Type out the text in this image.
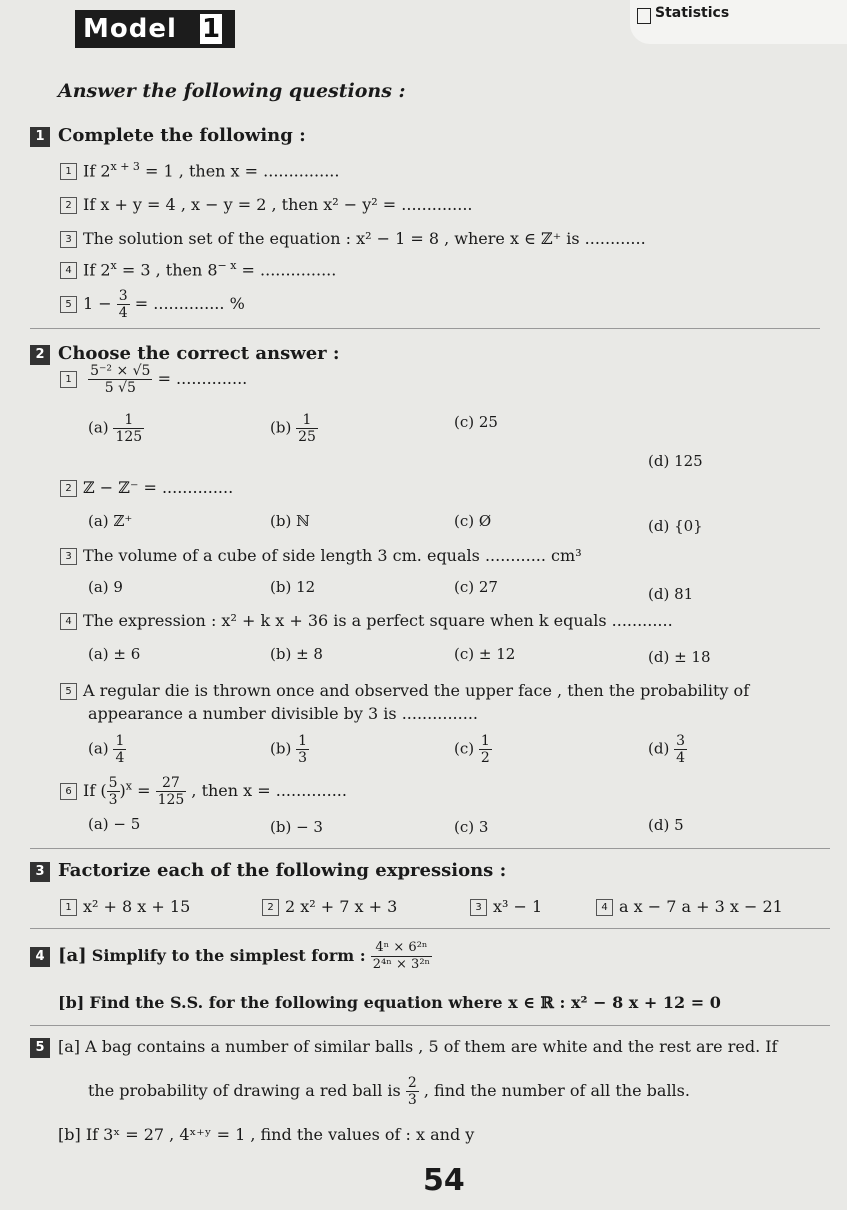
Model 1
Statistics
Answer the following questions :
1 Complete the following :
1 If $2^{x + 3} = 1$ , then x = ...............
2 If x + y = 4 , x − y = 2 , then x² − y² = ..............
3 The solution set of the equation : x² − 1 = 8 , where x ∈ ℤ⁺ is ............
4 If $2^x = 3$ , then $8^{- x}$ = ...............
5 $1 - \frac{3}{4}$ = .............. %
2 Choose the correct answer :
$1 \frac{\text{5⁻² × √5}}{5 √5}$ = ..............
$(a) \frac{1}{125}$	$(b) \frac{1}{25}$	(c) 25
(d) 125
2 ℤ − ℤ⁻ = ..............
(a) ℤ⁺	(b) ℕ	(c) Ø	(d) {0}
3 The volume of a cube of side length 3 cm. equals ............ cm³
(a) 9	(b) 12	(c) 27	(d) 81
4 The expression : x² + k x + 36 is a perfect square when k equals ............
(a) ± 6	(b) ± 8	(c) ± 12	(d) ± 18
5 A regular die is thrown once and observed the upper face , then the probability of
appearance a number divisible by 3 is ...............
$(a) \frac{1}{4}$	$(b) \frac{1}{3}$	$(c) \frac{1}{2}$	$(d) \frac{3}{4}$
6 If ( $\frac{5}{3} )^x = \frac{27}{125}$ , then x = ..............
(a) − 5	(b) − 3	(c) 3	(d) 5
3 Factorize each of the following expressions :
1 x² + 8 x + 15	2 2 x² + 7 x + 3	3 x³ − 1	4 a x − 7 a + 3 x − 21
4 [a] Simplify to the simplest form : $\frac{\text{4ⁿ × 6²ⁿ}}{\text{2⁴ⁿ × 3²ⁿ}}$
[b] Find the S.S. for the following equation where x ∈ ℝ : x² − 8 x + 12 = 0
5 [a] A bag contains a number of similar balls , 5 of them are white and the rest are red. If
the probability of drawing a red ball is $\frac{2}{3}$ , find the number of all the balls.
[b] If 3ˣ = 27 , 4ˣ⁺ʸ = 1 , find the values of : x and y
54
